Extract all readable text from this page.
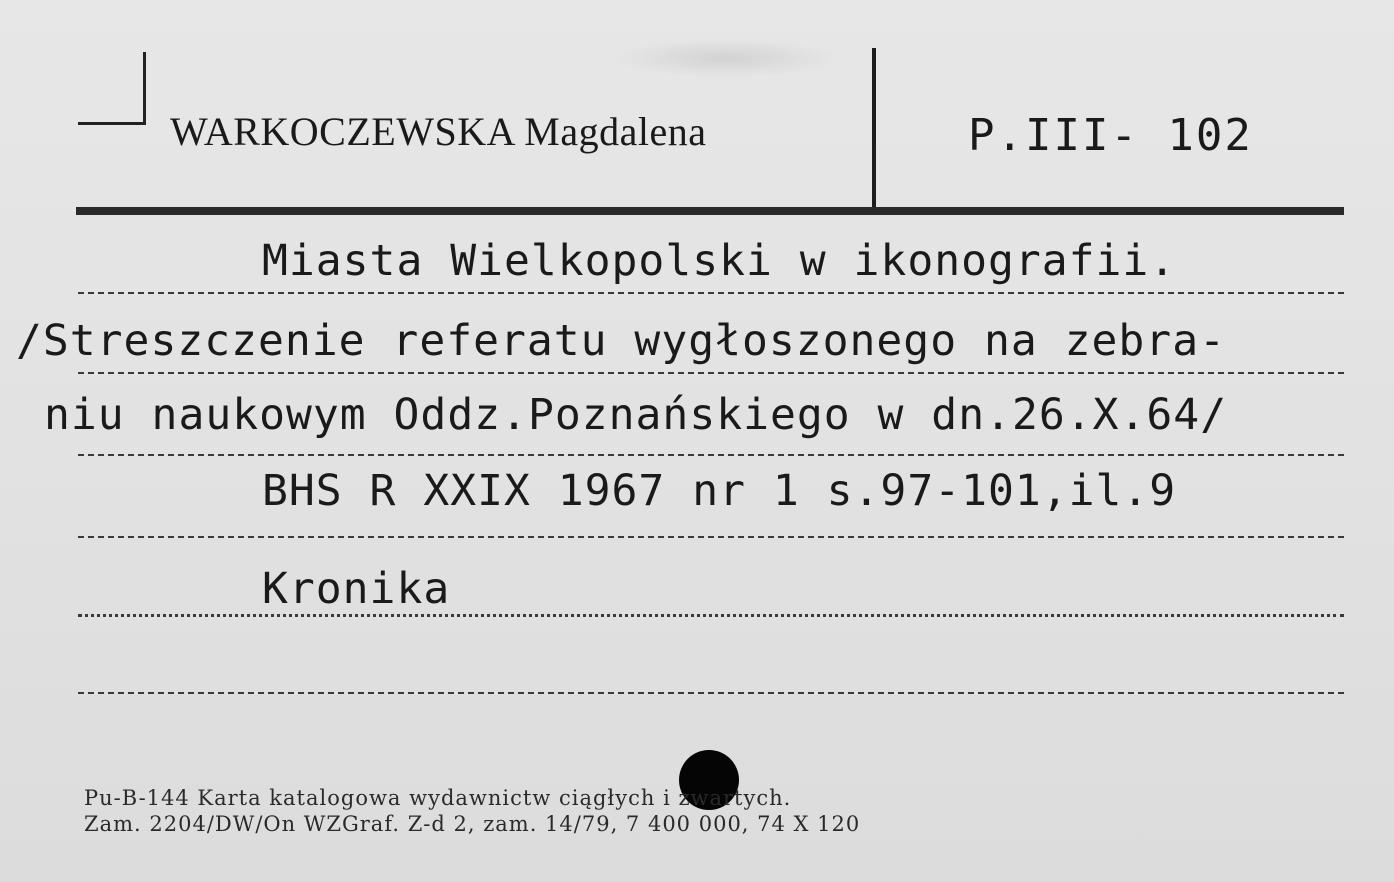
WARKOCZEWSKA Magdalena	P.III- 102
Miasta Wielkopolski w ikonografii.
/Streszczenie referatu wygłoszonego na zebra-
niu naukowym Oddz.Poznańskiego w dn.26.X.64/
BHS R XXIX 1967 nr 1 s.97-101,il.9
Kronika
Pu-B-144 Karta katalogowa wydawnictw ciągłych i zwartych.
Zam. 2204/DW/On WZGraf. Z-d 2, zam. 14/79, 7 400 000, 74 X 120
